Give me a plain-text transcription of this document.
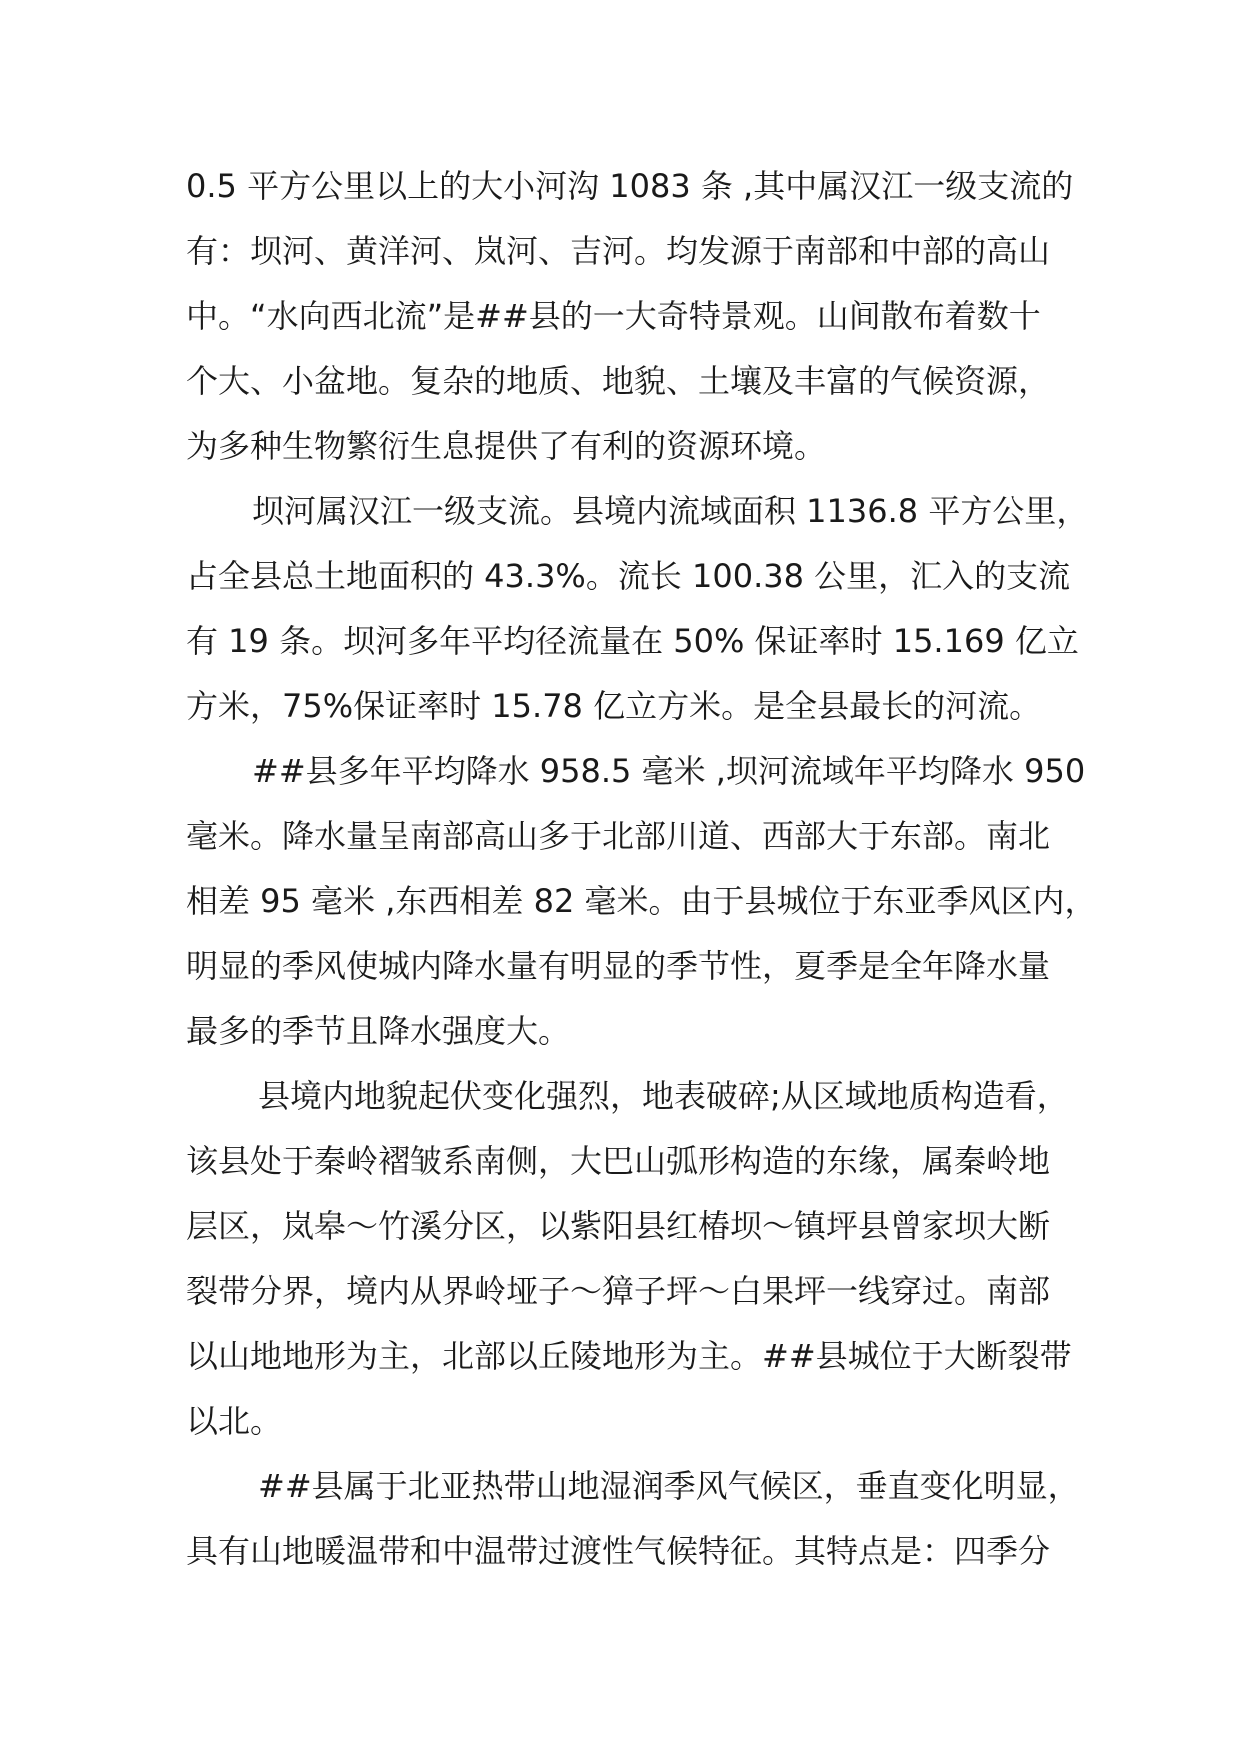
0.5 平方公里以上的大小河沟 1083 条 ,其中属汉江一级支流的
有：坝河、黄洋河、岚河、吉河。均发源于南部和中部的高山
中。“水向西北流”是##县的一大奇特景观。山间散布着数十
个大、小盆地。复杂的地质、地貌、土壤及丰富的气候资源，
为多种生物繁衍生息提供了有利的资源环境。
坝河属汉江一级支流。县境内流域面积 1136.8 平方公里，
占全县总土地面积的 43.3%。流长 100.38 公里，汇入的支流
有 19 条。坝河多年平均径流量在 50% 保证率时 15.169 亿立
方米，75%保证率时 15.78 亿立方米。是全县最长的河流。
##县多年平均降水 958.5 毫米 ,坝河流域年平均降水 950
毫米。降水量呈南部高山多于北部川道、西部大于东部。南北
相差 95 毫米 ,东西相差 82 毫米。由于县城位于东亚季风区内，
明显的季风使城内降水量有明显的季节性，夏季是全年降水量
最多的季节且降水强度大。
县境内地貌起伏变化强烈，地表破碎;从区域地质构造看，
该县处于秦岭褶皱系南侧，大巴山弧形构造的东缘，属秦岭地
层区，岚皋～竹溪分区，以紫阳县红椿坝～镇坪县曾家坝大断
裂带分界，境内从界岭垭子～獐子坪～白果坪一线穿过。南部
以山地地形为主，北部以丘陵地形为主。##县城位于大断裂带
以北。
##县属于北亚热带山地湿润季风气候区，垂直变化明显，
具有山地暖温带和中温带过渡性气候特征。其特点是：四季分
